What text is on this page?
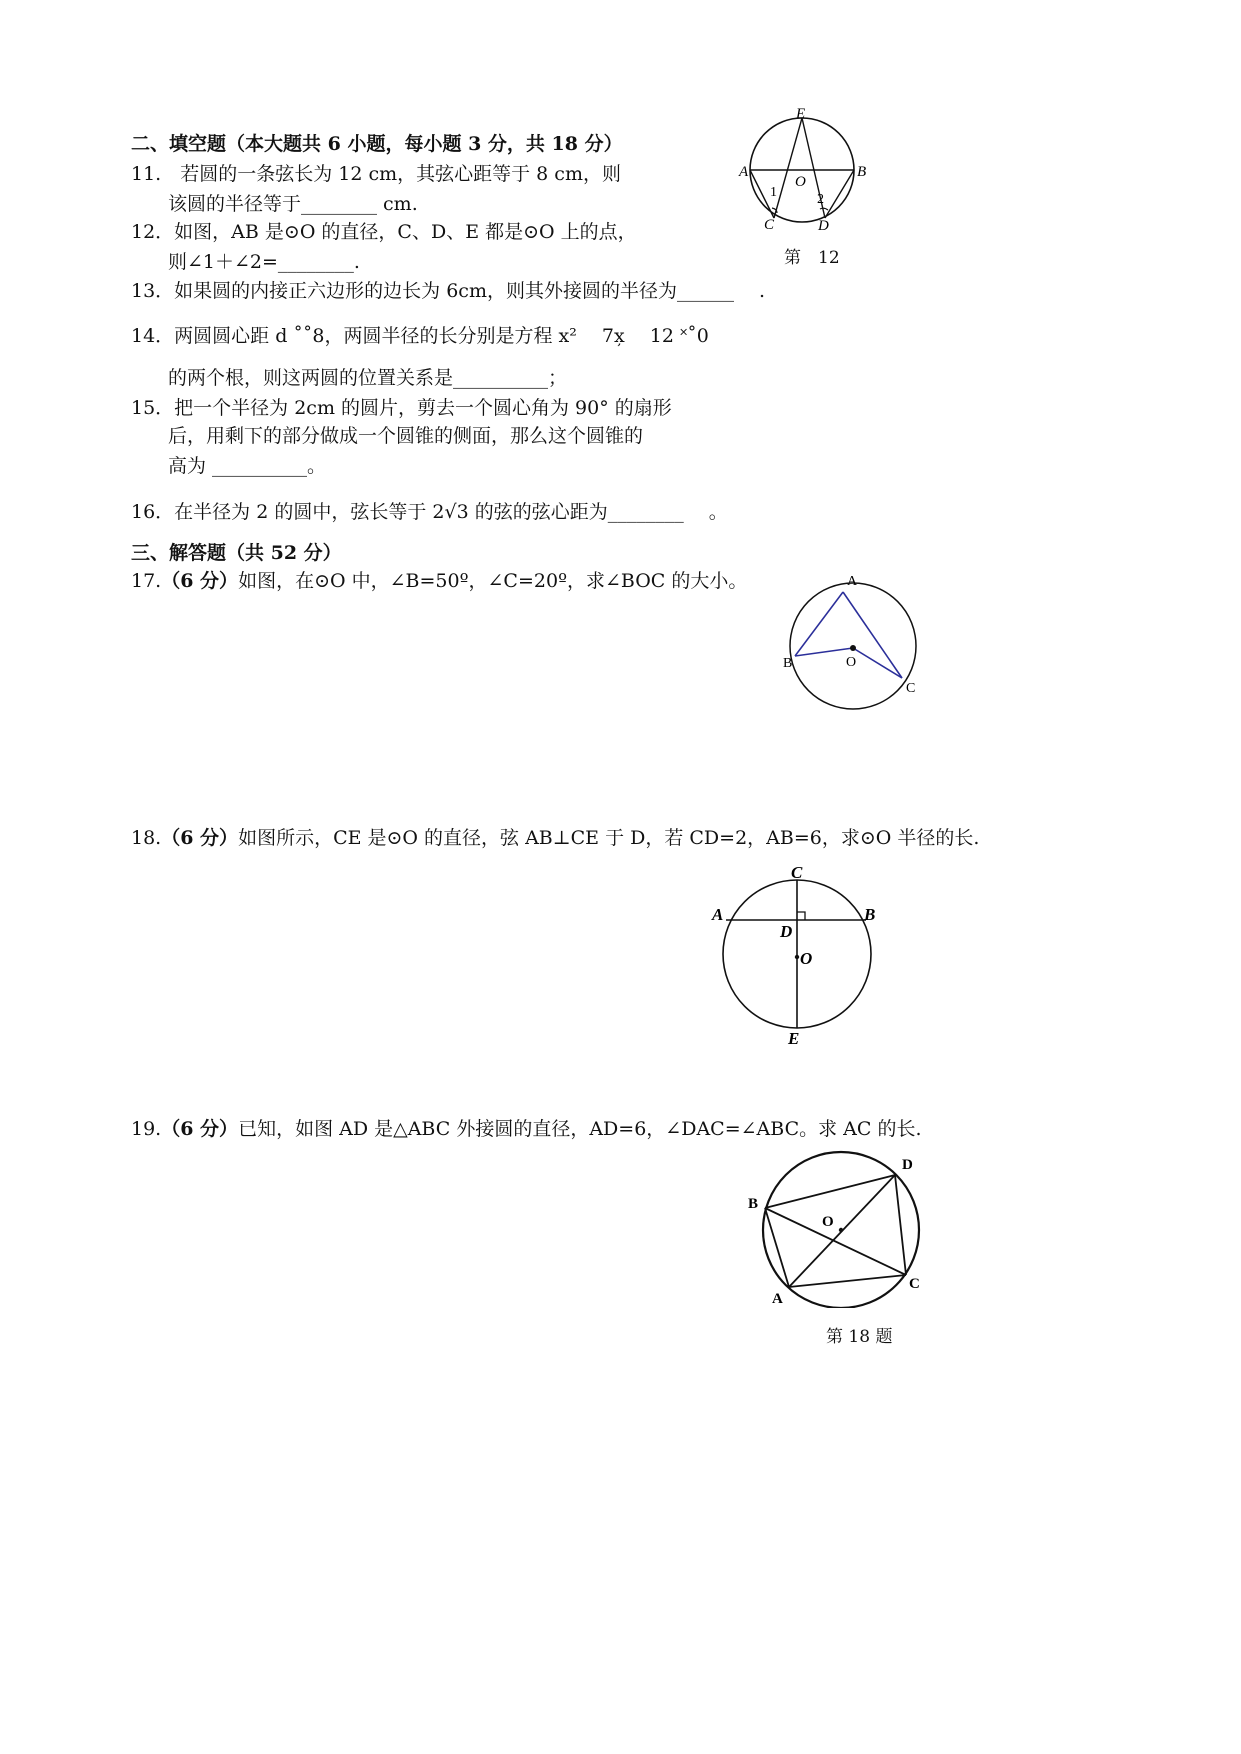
二、填空题（本大题共 6 小题，每小题 3 分，共 18 分）
11.　若圆的一条弦长为 12 cm，其弦心距等于 8 cm，则
该圆的半径等于________ cm.
12．如图，AB 是⊙O 的直径，C、D、E 都是⊙O 上的点，
则∠1＋∠2=________.
13．如果圆的内接正六边形的边长为 6cm，则其外接圆的半径为______　 .
14．两圆圆心距 d ˚˚8，两圆半径的长分别是方程 x² 　7x̦ 　12 ˟˚0
的两个根，则这两圆的位置关系是__________；
15．把一个半径为 2cm 的圆片，剪去一个圆心角为 90° 的扇形
后，用剩下的部分做成一个圆锥的侧面，那么这个圆锥的
高为 __________。
16．在半径为 2 的圆中，弦长等于 2√3 的弦的弦心距为________　 。
三、解答题（共 52 分）
17.（6 分）如图，在⊙O 中，∠B=50º，∠C=20º，求∠BOC 的大小。
18.（6 分）如图所示，CE 是⊙O 的直径，弦 AB⊥CE 于 D，若 CD=2，AB=6，求⊙O 半径的长.
19.（6 分）已知，如图 AD 是△ABC 外接圆的直径，AD=6，∠DAC=∠ABC。求 AC 的长.
E
A	B
O
C	D
1	2
第　12
A
B	O
C
C
A	B
D
O
E
D
B
O
A
C
第 18 题
